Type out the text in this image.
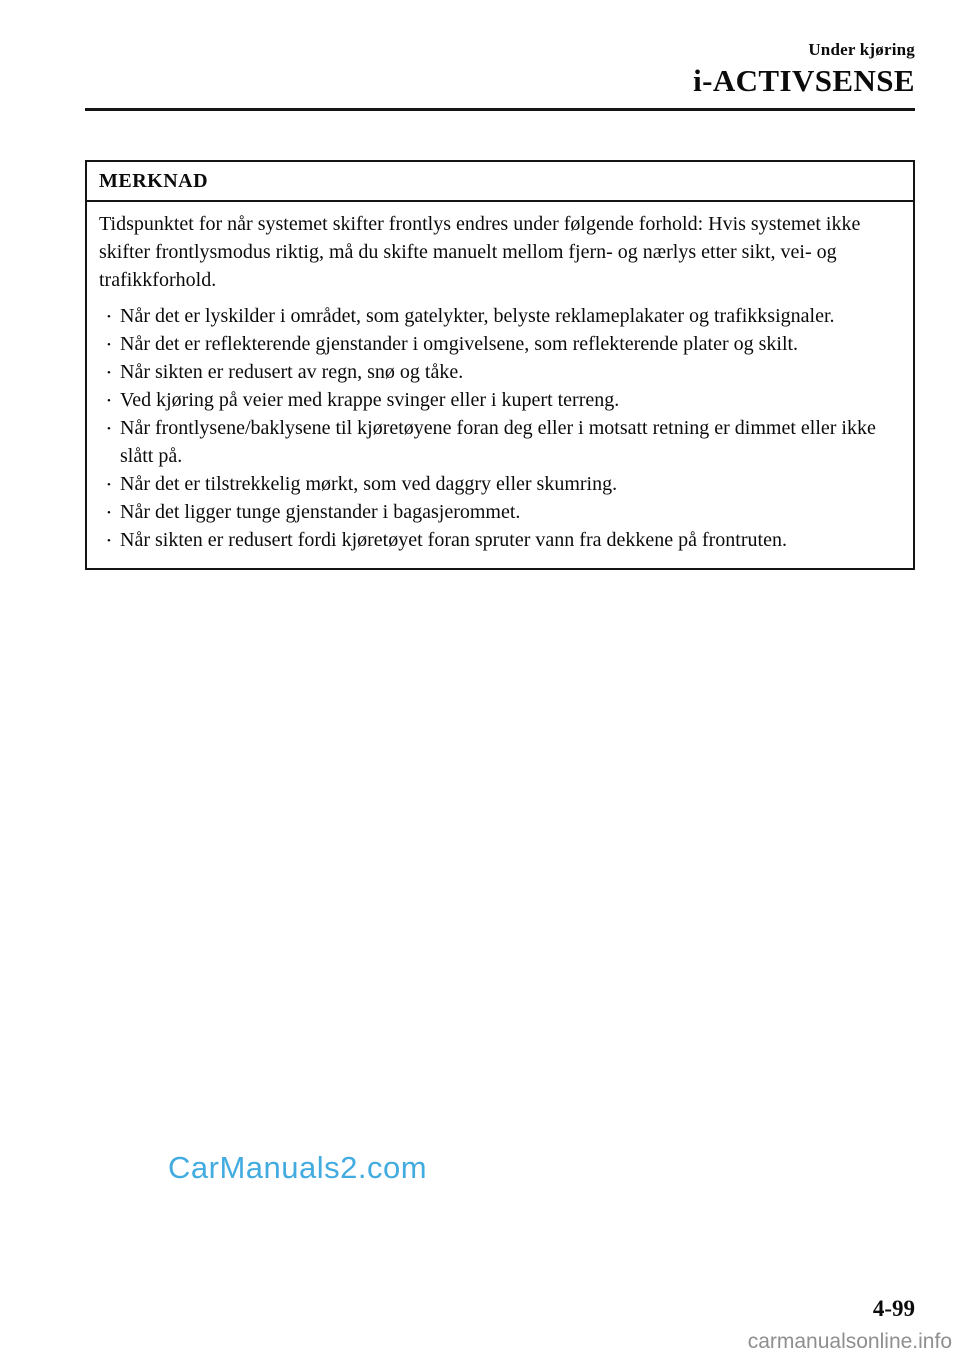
Under kjøring
i-ACTIVSENSE
MERKNAD

Tidspunktet for når systemet skifter frontlys endres under følgende forhold: Hvis systemet ikke skifter frontlysmodus riktig, må du skifte manuelt mellom fjern- og nærlys etter sikt, vei- og trafikkforhold.

• Når det er lyskilder i området, som gatelykter, belyste reklameplakater og trafikksignaler.
• Når det er reflekterende gjenstander i omgivelsene, som reflekterende plater og skilt.
• Når sikten er redusert av regn, snø og tåke.
• Ved kjøring på veier med krappe svinger eller i kupert terreng.
• Når frontlysene/baklysene til kjøretøyene foran deg eller i motsatt retning er dimmet eller ikke slått på.
• Når det er tilstrekkelig mørkt, som ved daggry eller skumring.
• Når det ligger tunge gjenstander i bagasjerommet.
• Når sikten er redusert fordi kjøretøyet foran spruter vann fra dekkene på frontruten.
CarManuals2.com
4-99
carmanualsonline.info
